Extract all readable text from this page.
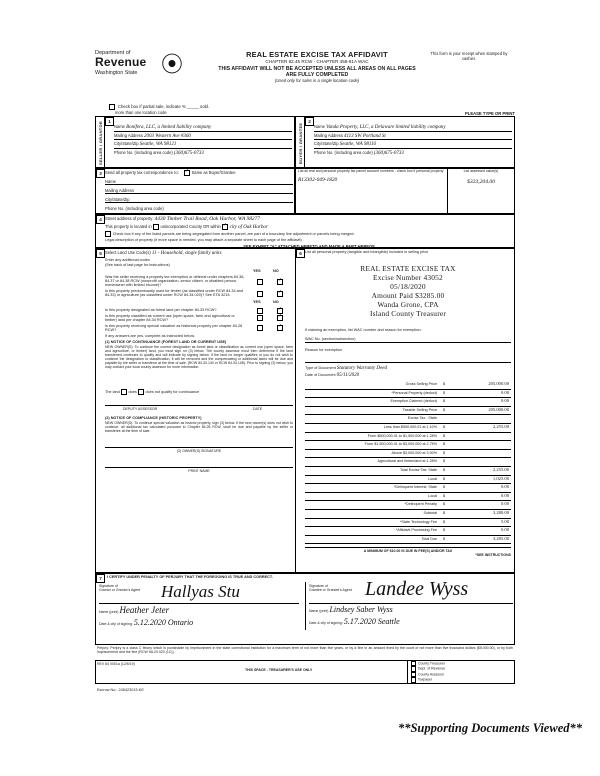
Department of
Revenue
Washington State	⦿	REAL ESTATE EXCISE TAX AFFIDAVIT
CHAPTER 82.45 RCW - CHAPTER 458-61A WAC
THIS AFFIDAVIT WILL NOT BE ACCEPTED UNLESS ALL AREAS ON ALL PAGES ARE FULLY COMPLETED
(Used only for sales in a single location code)
This form is your receipt when stamped by cashier.
Check box if partial sale, indicate % _____ sold.
more than one location code	PLEASE TYPE OR PRINT
SELLER / GRANTOR	1
Name Bonifera, LLC, a limited liability company
Mailing Address 2003 Western Ave #360
City/State/Zip Seattle, WA 98121
Phone No. (including area code) (360)675-0733	BUYER / GRANTEE
2
Name Vanda Property, LLC, a Delaware limited liability company
Mailing Address 4113 SW Portland St
City/State/Zip Seattle, WA 98116
Phone No. (including area code) (360)675-0733
3 Send all property tax correspondence to: ✓	Same as Buyer/Grantee
Name
Mailing Address
City/State/Zip
Phone No. (including area code)
List all real and personal property tax parcel account numbers - check box if personal property
R13302-049-1820
List assessed value(s)
$323,204.00
4 Street address of property: 4430 Timber Trail Road, Oak Harbor, WA 98277
This property is located in unincorporated County OR within ✓ city of Oak Harbor
Check box if any of the listed parcels are being segregated from another parcel, are part of a boundary line adjustment or parcels being merged.
Legal description of property (if more space is needed, you may attach a separate sheet to each page of the affidavit)
SEE EXHIBIT "A" ATTACHED HERETO AND MADE A PART HEREOF
5 Select Land Use Code(s) 11 - Household, single family units
Enter any additional codes
(See back of last page for instructions)
YES	NO
Was the seller receiving a property tax exemption or deferral under chapters 84.36, 84.37 or 84.38 RCW (nonprofit organization, senior citizen, or disabled person, homeowner with limited income)?
✓
Is this property predominantly used for timber (as classified under RCW 84.34 and 84.33) or agriculture (as classified under RCW 84.34.020)? See ETA 3215.
✓
YES	NO
Is this property designated as forest land per chapter 84.33 RCW?
✓
Is this property classified as current use (open space, farm and agricultural or timber) land per chapter 84.34 RCW?
✓
Is this property receiving special valuation as historical property per chapter 84.26 RCW?
✓
If any answers are yes, complete as instructed below.
(1) NOTICE OF CONTINUANCE (FOREST LAND OR CURRENT USE)
NEW OWNER(S): To continue the current designation as forest land or classification as current use (open space, farm and agriculture, or timber) land, you must sign on (3) below. The county assessor must then determine if the land transferred continues to qualify and will indicate by signing below. If the land no longer qualifies or you do not wish to continue the designation or classification, it will be removed and the compensating or additional taxes will be due and payable by the seller or transferor at the time of sale. (RCW 84.33.140 or RCW 84.34.108). Prior to signing (3) below, you may contact your local county assessor for more information.
The land does does not qualify for continuance
DEPUTY ASSESSOR	DATE
(2) NOTICE OF COMPLIANCE (HISTORIC PROPERTY)
NEW OWNER(S): To continue special valuation as historic property, sign (3) below. If the new owner(s) does not wish to continue, all additional tax calculated pursuant to Chapter 84.26 RCW, shall be due and payable by the seller or transferee at the time of sale.
(3) OWNER(S) SIGNATURE
PRINT NAME
6 List all personal property (tangible and intangible) included in selling price
REAL ESTATE EXCISE TAX
Excise Number 43052
05/18/2020
Amount Paid $3285.00
Wanda Grone, CPA
Island County Treasurer
If claiming an exemption, list WAC number and reason for exemption:
WAC No. (section/subsection)
Reason for exemption
Type of Document Statutory Warranty Deed
Date of Document 05/11/2020
Gross Selling Price $	205,000.00
*Personal Property (deduct) $	0.00
Exemption Claimed (deduct) $	0.00
Taxable Selling Price $	205,000.00
Excise Tax : State
Less than $500,000.01 at 1.10% $	2,255.00
From $500,000.01 to $1,500,000 at 1.28% $
From $1,500,000.01 to $3,000,000 at 2.75% $
Above $3,000,000 at 3.00% $
Agricultural and timberland at 1.28% $
Total Excise Tax: State $	2,255.00
Local $	1,025.00
*Delinquent Interest: State $	0.00
Local $	0.00
*Delinquent Penalty $	0.00
Subtotal $	3,280.00
*State Technology Fee $	5.00
*Affidavit Processing Fee $	0.00
Total Due $	3,285.00
A MINIMUM OF $10.00 IS DUE IN FEE(S) AND/OR TAX
*SEE INSTRUCTIONS
7	I CERTIFY UNDER PENALTY OF PERJURY THAT THE FOREGOING IS TRUE AND CORRECT.
Signature of
Grantor or Grantor's Agent	Hallyas Stu
Name (print) Heather Jeter
Date & city of signing: 5.12.2020 Ontario
Signature of
Grantee or Grantee's Agent Landee Wyss
Name (print) Lindsey Saber Wyss
Date & city of signing: 5.17.2020 Seattle
Perjury: Perjury is a class C felony which is punishable by imprisonment in the state correctional institution for a maximum term of not more than five years, or by a fine in an amount fixed by the court of not more than five thousand dollars ($5,000.00), or by both imprisonment and the fine (RCW 9A.20.020 (1C)).
REV 84 0001a (12/5/19)
THIS SPACE - TREASURER'S USE ONLY
County Treasurer
Dept. of Revenue
County Assessor
Taxpayer
Escrow No.: 245423013-KE
**Supporting Documents Viewed**
